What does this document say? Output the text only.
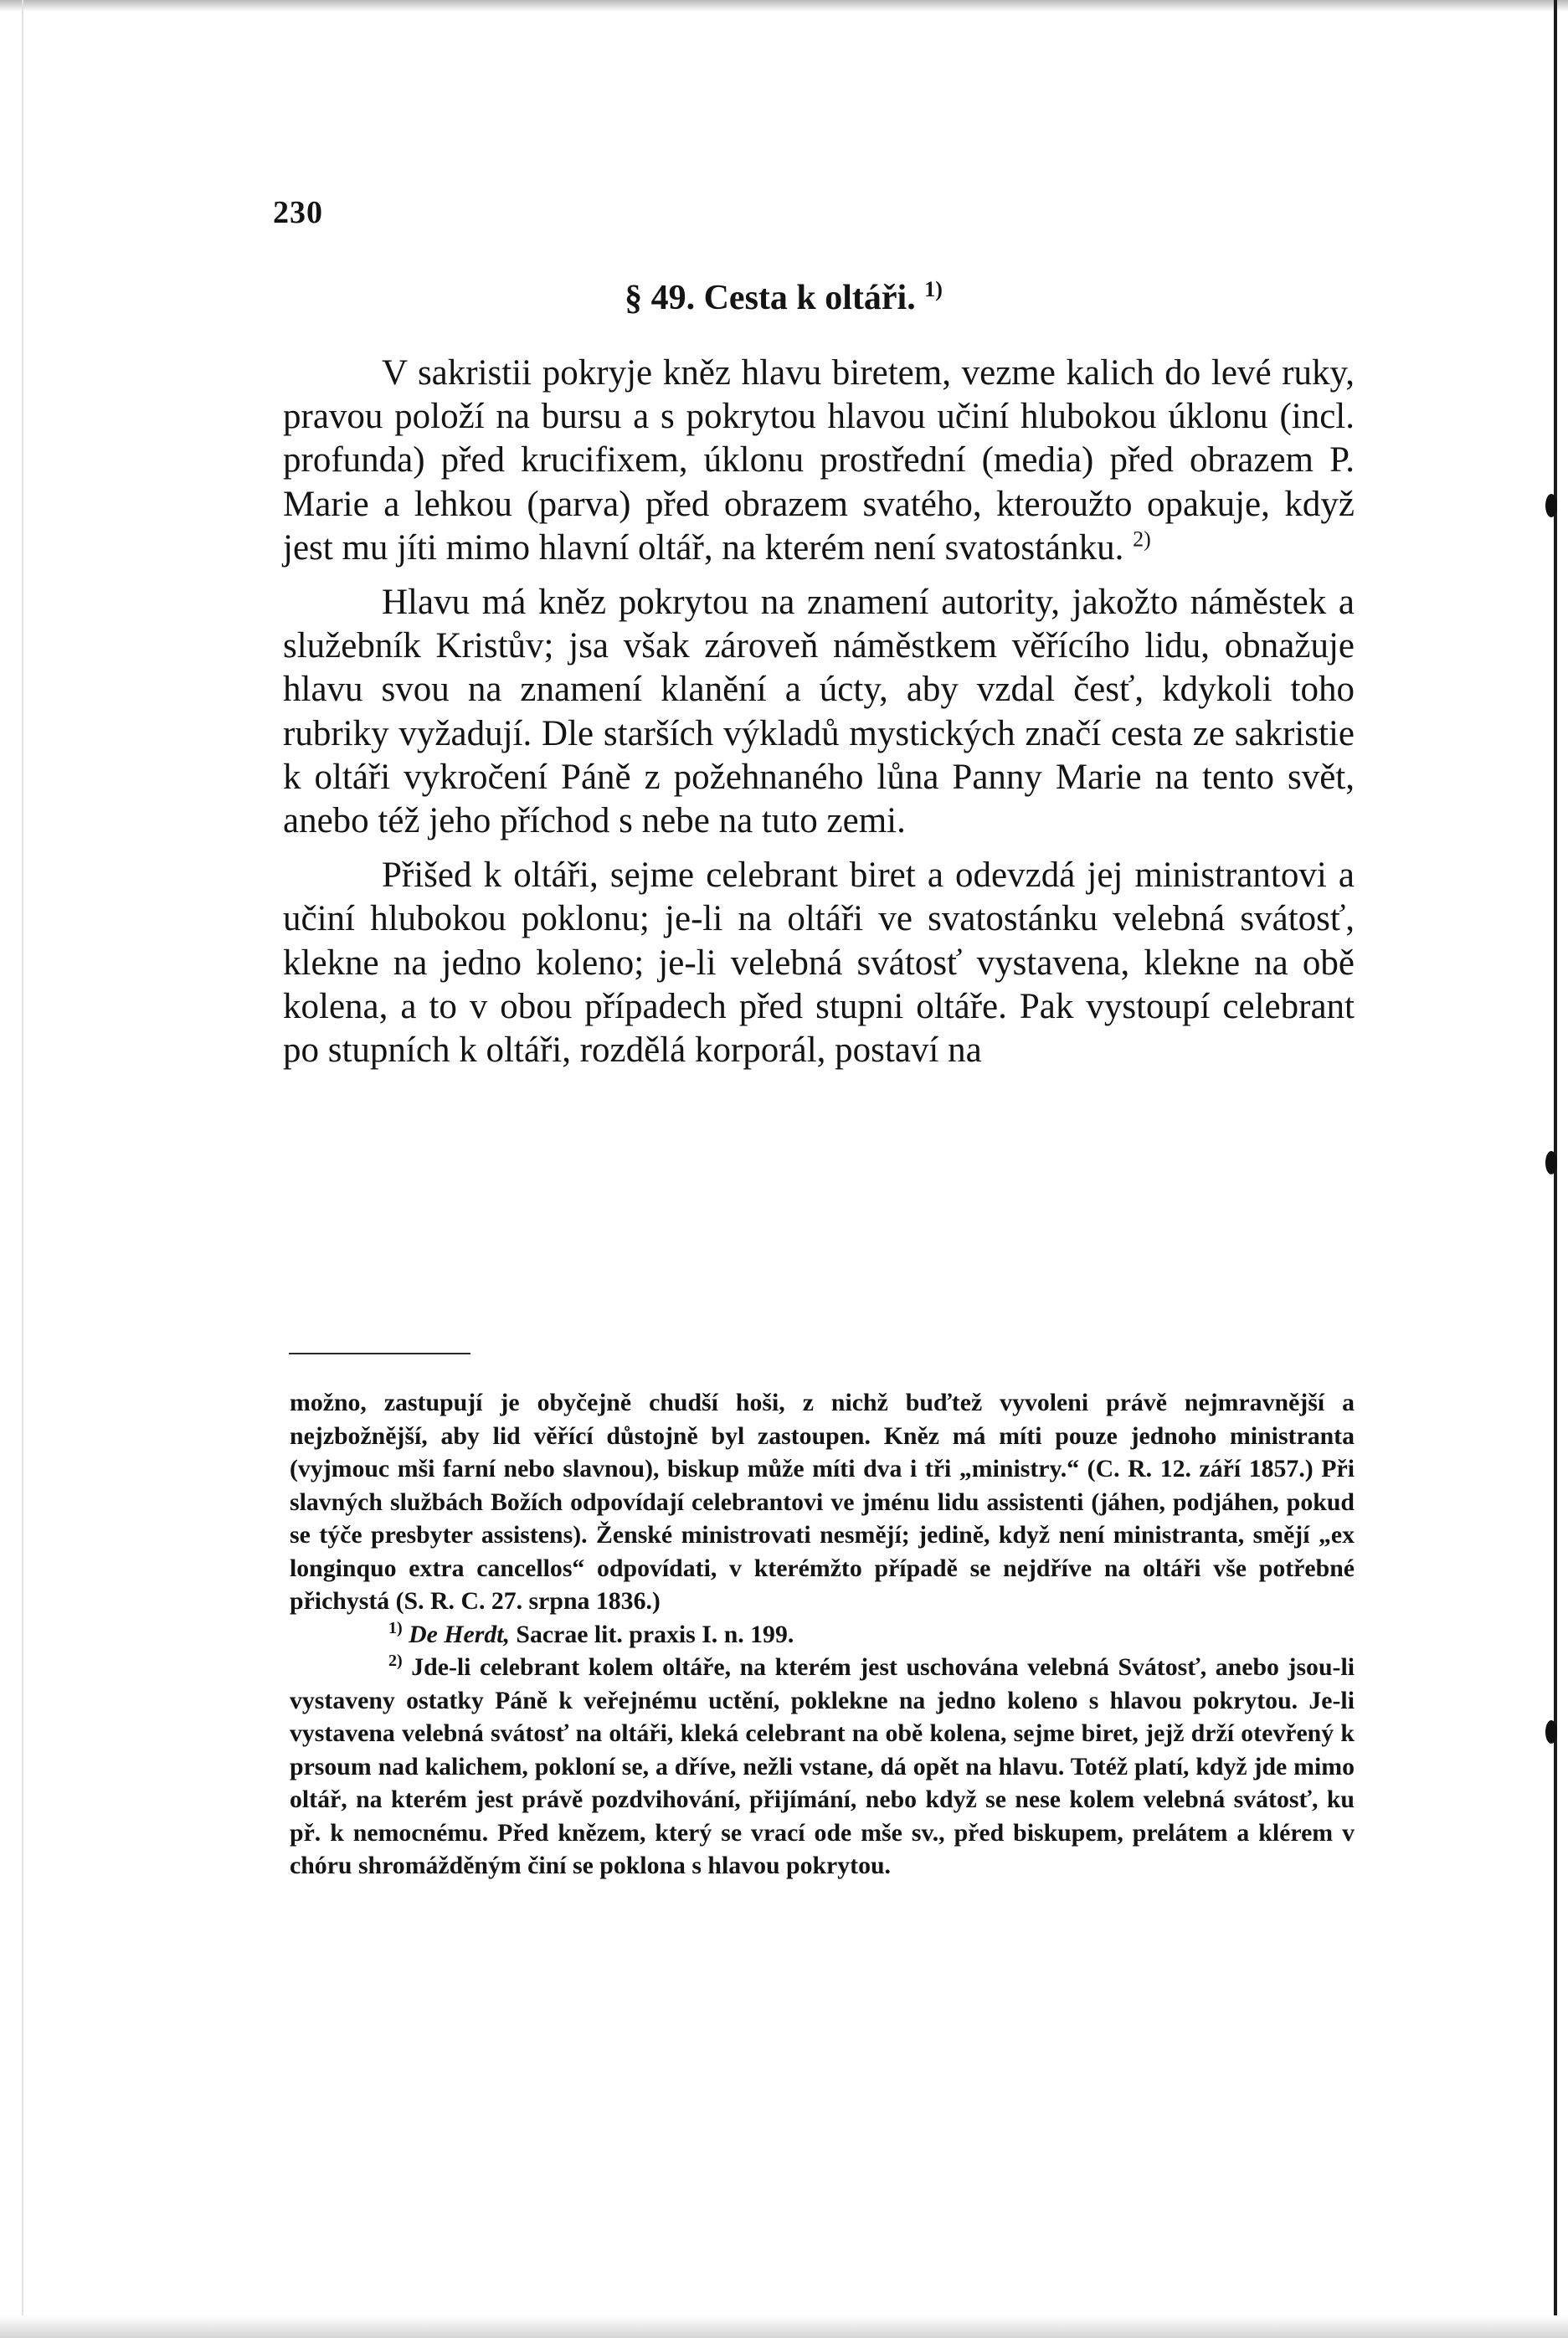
230
§ 49. Cesta k oltáři. $^{1)}$

V sakristii pokryje kněz hlavu biretem, vezme kalich do levé ruky, pravou položí na bursu a s pokrytou hlavou učiní hlubokou úklonu (incl. profunda) před krucifixem, úklonu prostřední (media) před obrazem P. Marie a lehkou (parva) před obrazem svatého, kteroužto opakuje, když jest mu jíti mimo hlavní oltář, na kterém není svatostánku. $^{2)}$

Hlavu má kněz pokrytou na znamení autority, jakožto náměstek a služebník Kristův; jsa však zároveň náměstkem věřícího lidu, obnažuje hlavu svou na znamení klanění a úcty, aby vzdal česť, kdykoli toho rubriky vyžadují. Dle starších výkladů mystických značí cesta ze sakristie k oltáři vykročení Páně z požehnaného lůna Panny Marie na tento svět, anebo též jeho příchod s nebe na tuto zemi.

Přišed k oltáři, sejme celebrant biret a odevzdá jej ministrantovi a učiní hlubokou poklonu; je-li na oltáři ve svatostánku velebná svátosť, klekne na jedno koleno; je-li velebná svátosť vystavena, klekne na obě kolena, a to v obou případech před stupni oltáře. Pak vystoupí celebrant po stupních k oltáři, rozdělá korporál, postaví na

možno, zastupují je obyčejně chudší hoši, z nichž buďtež vyvoleni právě nejmravnější a nejzbožnější, aby lid věřící důstojně byl zastoupen. Kněz má míti pouze jednoho ministranta (vyjmouc mši farní nebo slavnou), biskup může míti dva i tři „ministry.“ (C. R. 12. září 1857.) Při slavných službách Božích odpovídají celebrantovi ve jménu lidu assistenti (jáhen, podjáhen, pokud se týče presbyter assistens). Ženské ministrovati nesmějí; jedině, když není ministranta, smějí „ex longinquo extra cancellos“ odpovídati, v kterémžto případě se nejdříve na oltáři vše potřebné přichystá (S. R. C. 27. srpna 1836.)

$^{1)}$ De Herdt, Sacrae lit. praxis I. n. 199.

$^{2)}$ Jde-li celebrant kolem oltáře, na kterém jest uschována velebná Svátosť, anebo jsou-li vystaveny ostatky Páně k veřejnému uctění, poklekne na jedno koleno s hlavou pokrytou. Je-li vystavena velebná svátosť na oltáři, kleká celebrant na obě kolena, sejme biret, jejž drží otevřený k prsoum nad kalichem, pokloní se, a dříve, nežli vstane, dá opět na hlavu. Totéž platí, když jde mimo oltář, na kterém jest právě pozdvihování, přijímání, nebo když se nese kolem velebná svátosť, ku př. k nemocnému. Před knězem, který se vrací ode mše sv., před biskupem, prelátem a klérem v chóru shromážděným činí se poklona s hlavou pokrytou.
